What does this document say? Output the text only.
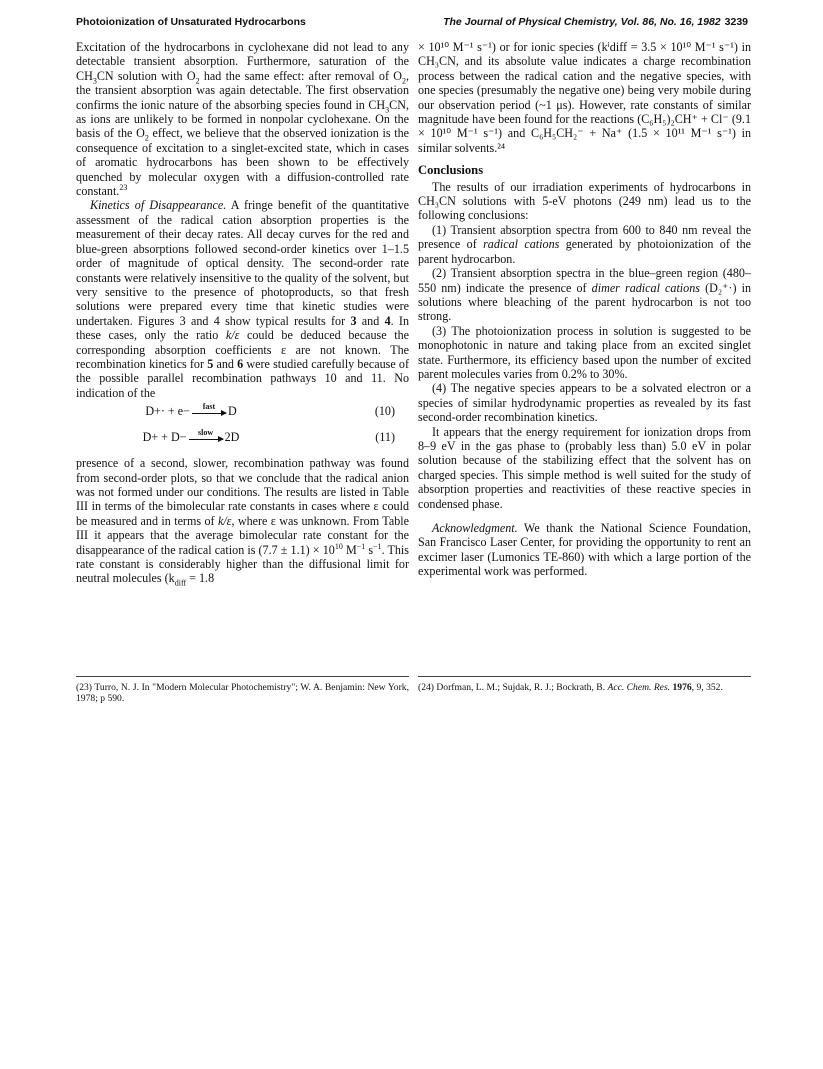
Photoionization of Unsaturated Hydrocarbons	The Journal of Physical Chemistry, Vol. 86, No. 16, 1982 3239

Excitation of the hydrocarbons in cyclohexane did not lead to any detectable transient absorption. Furthermore, saturation of the $CH_3CN$ solution with $O_2$ had the same effect: after removal of $O_2$, the transient absorption was again detectable. The first observation confirms the ionic nature of the absorbing species found in $CH_3CN$, as ions are unlikely to be formed in nonpolar cyclohexane. On the basis of the $O_2$ effect, we believe that the observed ionization is the consequence of excitation to a singlet-excited state, which in cases of aromatic hydrocarbons has been shown to be effectively quenched by molecular oxygen with a diffusion-controlled rate constant.$^{23}$

Kinetics of Disappearance. A fringe benefit of the quantitative assessment of the radical cation absorption properties is the measurement of their decay rates. All decay curves for the red and blue-green absorptions followed second-order kinetics over 1–1.5 order of magnitude of optical density. The second-order rate constants were relatively insensitive to the quality of the solvent, but very sensitive to the presence of photoproducts, so that fresh solutions were prepared every time that kinetic studies were undertaken. Figures 3 and 4 show typical results for 3 and 4. In these cases, only the ratio k/ε could be deduced because the corresponding absorption coefficients ε are not known. The recombination kinetics for 5 and 6 were studied carefully because of the possible parallel recombination pathways 10 and 11. No indication of the

D+· + e−	fast	D	(10)
D+ + D−	slow 2D	(11)

presence of a second, slower, recombination pathway was found from second-order plots, so that we conclude that the radical anion was not formed under our conditions. The results are listed in Table III in terms of the bimolecular rate constants in cases where ε could be measured and in terms of k/ε, where ε was unknown. From Table III it appears that the average bimolecular rate constant for the disappearance of the radical cation is $(7.7 \pm 1.1) \times 10^{10}$ $M^{-1}$ $s^{-1}$. This rate constant is considerably higher than the diffusional limit for neutral molecules ($k_{diff} = 1.8$

× 10¹⁰ M⁻¹ s⁻¹) or for ionic species (kⁱdiff = 3.5 × 10¹⁰ M⁻¹ s⁻¹) in CH₃CN, and its absolute value indicates a charge recombination process between the radical cation and the negative species, with one species (presumably the negative one) being very mobile during our observation period (~1 μs). However, rate constants of similar magnitude have been found for the reactions (C₆H₅)₂CH⁺ + Cl⁻ (9.1 × 10¹⁰ M⁻¹ s⁻¹) and C₆H₅CH₂⁻ + Na⁺ (1.5 × 10¹¹ M⁻¹ s⁻¹) in similar solvents.²⁴

Conclusions

The results of our irradiation experiments of hydrocarbons in CH₃CN solutions with 5-eV photons (249 nm) lead us to the following conclusions:

(1) Transient absorption spectra from 600 to 840 nm reveal the presence of radical cations generated by photoionization of the parent hydrocarbon.

(2) Transient absorption spectra in the blue–green region (480–550 nm) indicate the presence of dimer radical cations (D₂⁺·) in solutions where bleaching of the parent hydrocarbon is not too strong.

(3) The photoionization process in solution is suggested to be monophotonic in nature and taking place from an excited singlet state. Furthermore, its efficiency based upon the number of excited parent molecules varies from 0.2% to 30%.

(4) The negative species appears to be a solvated electron or a species of similar hydrodynamic properties as revealed by its fast second-order recombination kinetics.

It appears that the energy requirement for ionization drops from 8–9 eV in the gas phase to (probably less than) 5.0 eV in polar solution because of the stabilizing effect that the solvent has on charged species. This simple method is well suited for the study of absorption properties and reactivities of these reactive species in condensed phase.

Acknowledgment. We thank the National Science Foundation, San Francisco Laser Center, for providing the opportunity to rent an excimer laser (Lumonics TE-860) with which a large portion of the experimental work was performed.

(23) Turro, N. J. In "Modern Molecular Photochemistry"; W. A. Benjamin: New York, 1978; p 590.
(24) Dorfman, L. M.; Sujdak, R. J.; Bockrath, B. Acc. Chem. Res. 1976, 9, 352.
